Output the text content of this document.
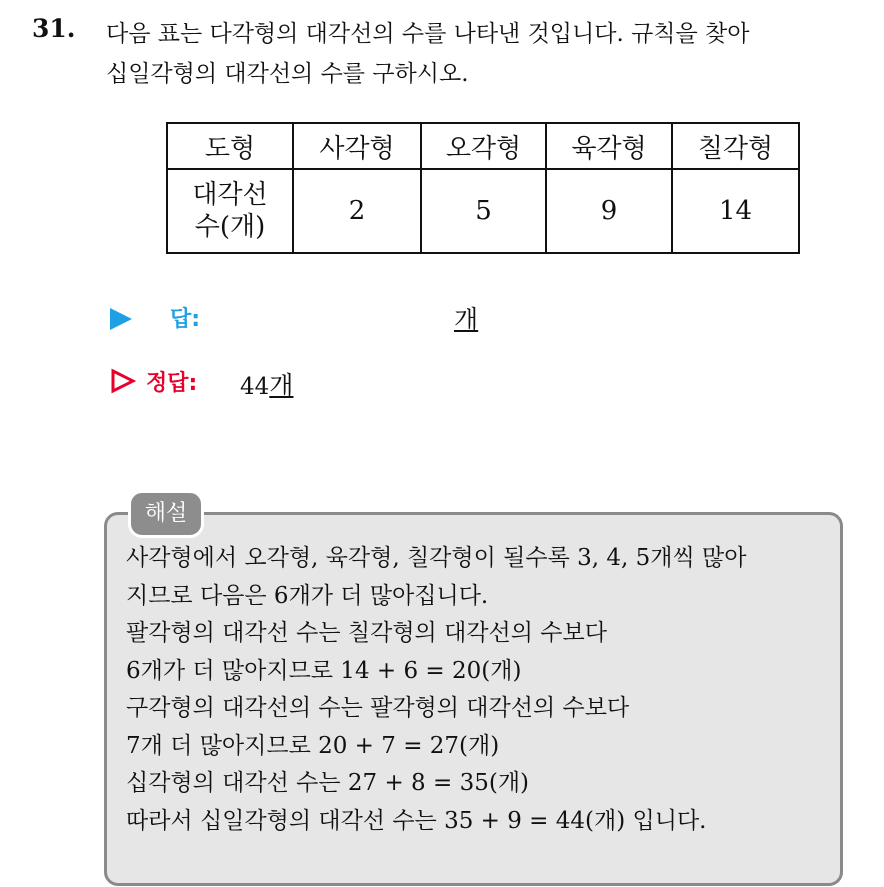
31. 다음 표는 다각형의 대각선의 수를 나타낸 것입니다. 규칙을 찾아
십일각형의 대각선의 수를 구하시오.
도형	사각형	오각형	육각형	칠각형

대각선
수(개)	2	5	9	14
답:	개
정답: 44개
해설
사각형에서 오각형, 육각형, 칠각형이 될수록 3, 4, 5개씩 많아
지므로 다음은 6개가 더 많아집니다.
팔각형의 대각선 수는 칠각형의 대각선의 수보다
6개가 더 많아지므로 14 + 6 = 20(개)
구각형의 대각선의 수는 팔각형의 대각선의 수보다
7개 더 많아지므로 20 + 7 = 27(개)
십각형의 대각선 수는 27 + 8 = 35(개)
따라서 십일각형의 대각선 수는 35 + 9 = 44(개) 입니다.
